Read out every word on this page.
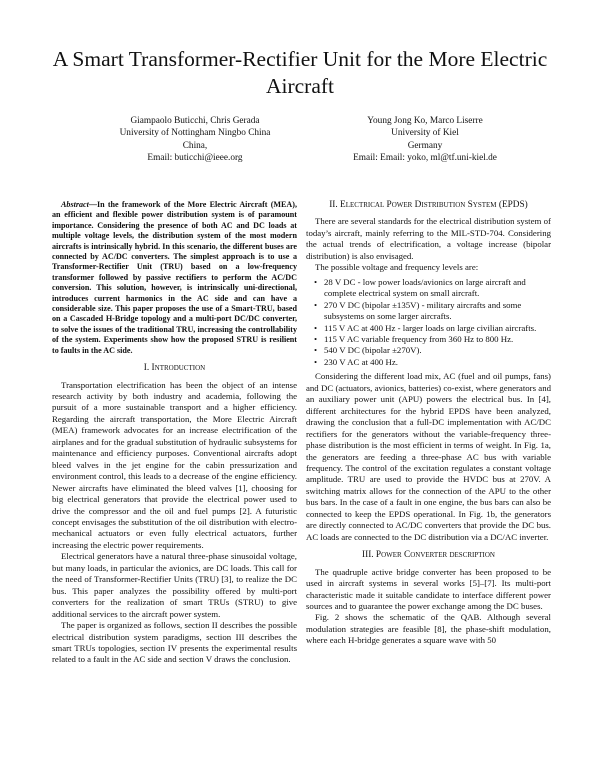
A Smart Transformer-Rectifier Unit for the More Electric Aircraft
Giampaolo Buticchi, Chris Gerada
University of Nottingham Ningbo China
China,
Email: buticchi@ieee.org
Young Jong Ko, Marco Liserre
University of Kiel
Germany
Email: Email: yoko, ml@tf.uni-kiel.de

Abstract—In the framework of the More Electric Aircraft (MEA), an efficient and flexible power distribution system is of paramount importance. Considering the presence of both AC and DC loads at multiple voltage levels, the distribution system of the most modern aircrafts is intrinsically hybrid. In this scenario, the different buses are connected by AC/DC converters. The simplest approach is to use a Transformer-Rectifier Unit (TRU) based on a low-frequency transformer followed by passive rectifiers to perform the AC/DC conversion. This solution, however, is intrinsically uni-directional, introduces current harmonics in the AC side and can have a considerable size. This paper proposes the use of a Smart-TRU, based on a Cascaded H-Bridge topology and a multi-port DC/DC converter, to solve the issues of the traditional TRU, increasing the controllability of the system. Experiments show how the proposed STRU is resilient to faults in the AC side.

I. Introduction

Transportation electrification has been the object of an intense research activity by both industry and academia, following the pursuit of a more sustainable transport and a higher efficiency. Regarding the aircraft transportation, the More Electric Aircraft (MEA) framework advocates for an increase electrification of the airplanes and for the gradual substitution of hydraulic subsystems for maintenance and efficiency purposes. Conventional aircrafts adopt bleed valves in the jet engine for the cabin pressurization and environment control, this leads to a decrease of the engine efficiency. Newer aircrafts have eliminated the bleed valves [1], choosing for big electrical generators that provide the electrical power used to drive the compressor and the oil and fuel pumps [2]. A futuristic concept envisages the substitution of the oil distribution with electro-mechanical actuators or even fully electrical actuators, further increasing the electric power requirements.

Electrical generators have a natural three-phase sinusoidal voltage, but many loads, in particular the avionics, are DC loads. This call for the need of Transformer-Rectifier Units (TRU) [3], to realize the DC bus. This paper analyzes the possibility offered by multi-port converters for the realization of smart TRUs (STRU) to give additional services to the aircraft power system.

The paper is organized as follows, section II describes the possible electrical distribution system paradigms, section III describes the smart TRUs topologies, section IV presents the experimental results related to a fault in the AC side and section V draws the conclusion.

II. Electrical Power Distribution System (EPDS)

There are several standards for the electrical distribution system of today’s aircraft, mainly referring to the MIL-STD-704. Considering the actual trends of electrification, a voltage increase (bipolar distribution) is also envisaged.

The possible voltage and frequency levels are:

• 28 V DC - low power loads/avionics on large aircraft and complete electrical system on small aircraft.
• 270 V DC (bipolar ±135V) - military aircrafts and some subsystems on some larger aircrafts.
• 115 V AC at 400 Hz - larger loads on large civilian aircrafts.
• 115 V AC variable frequency from 360 Hz to 800 Hz.
• 540 V DC (bipolar ±270V).
• 230 V AC at 400 Hz.

Considering the different load mix, AC (fuel and oil pumps, fans) and DC (actuators, avionics, batteries) co-exist, where generators and an auxiliary power unit (APU) powers the electrical bus. In [4], different architectures for the hybrid EPDS have been analyzed, drawing the conclusion that a full-DC implementation with AC/DC rectifiers for the generators without the variable-frequency three-phase distribution is the most efficient in terms of weight. In Fig. 1a, the generators are feeding a three-phase AC bus with variable frequency. The control of the excitation regulates a constant voltage amplitude. TRU are used to provide the HVDC bus at 270V. A switching matrix allows for the connection of the APU to the other bus bars. In the case of a fault in one engine, the bus bars can also be connected to keep the EPDS operational. In Fig. 1b, the generators are directly connected to AC/DC converters that provide the DC bus. AC loads are connected to the DC distribution via a DC/AC inverter.

III. Power Converter description

The quadruple active bridge converter has been proposed to be used in aircraft systems in several works [5]–[7]. Its multi-port characteristic made it suitable candidate to interface different power sources and to guarantee the power exchange among the DC buses.

Fig. 2 shows the schematic of the QAB. Although several modulation strategies are feasible [8], the phase-shift modulation, where each H-bridge generates a square wave with 50
